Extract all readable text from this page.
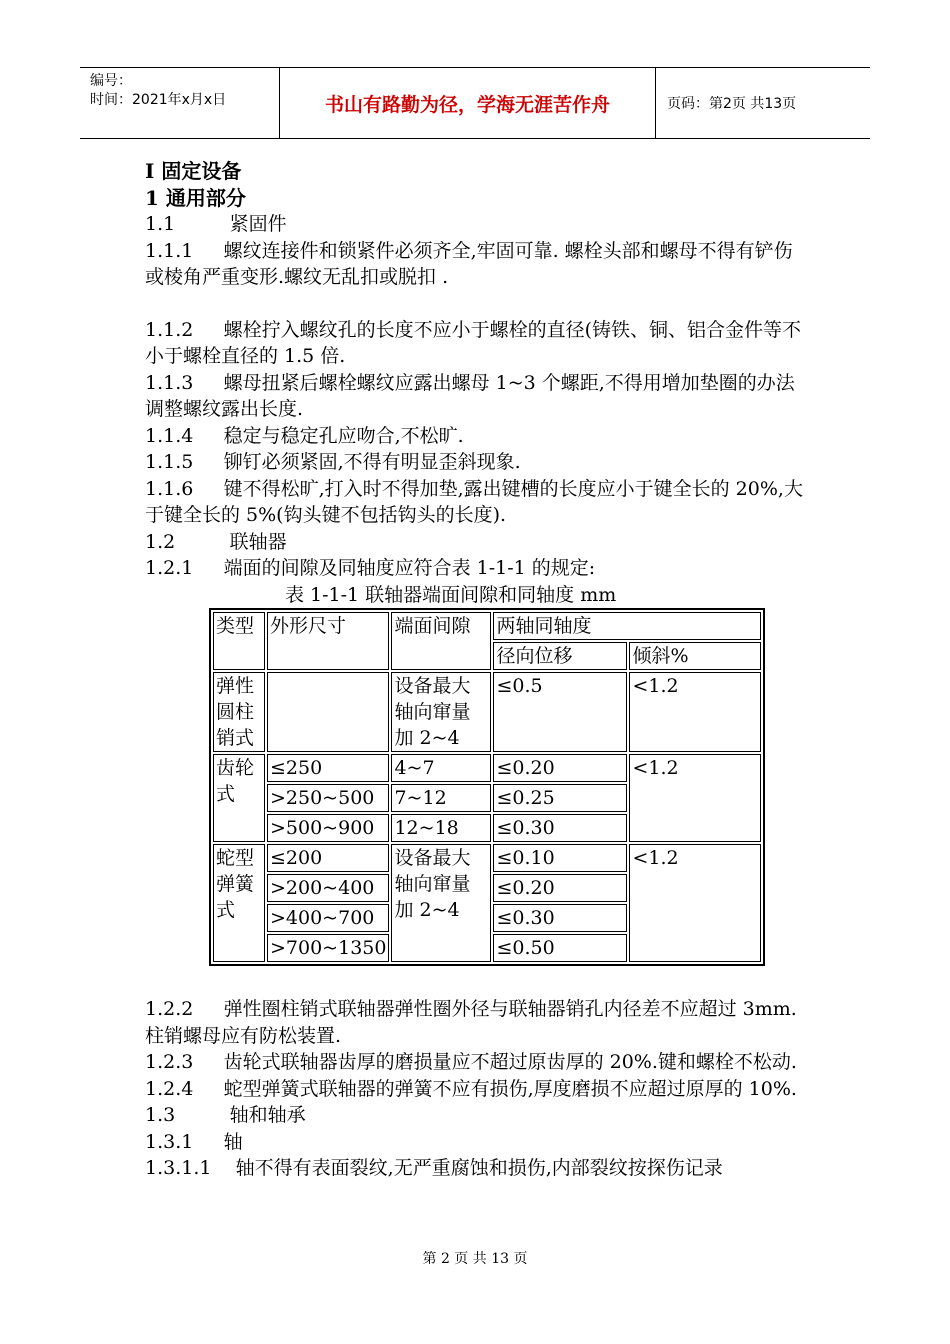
编号：
时间：2021年x月x日	书山有路勤为径，学海无涯苦作舟	页码：第2页 共13页

Ⅰ 固定设备

1 通用部分

1.1	紧固件

1.1.1 螺纹连接件和锁紧件必须齐全,牢固可靠. 螺栓头部和螺母不得有铲伤或棱角严重变形.螺纹无乱扣或脱扣 .

1.1.2 螺栓拧入螺纹孔的长度不应小于螺栓的直径(铸铁、铜、铝合金件等不小于螺栓直径的 1.5 倍.

1.1.3 螺母扭紧后螺栓螺纹应露出螺母 1~3 个螺距,不得用增加垫圈的办法调整螺纹露出长度.

1.1.4 稳定与稳定孔应吻合,不松旷.

1.1.5 铆钉必须紧固,不得有明显歪斜现象.

1.1.6 键不得松旷,打入时不得加垫,露出键槽的长度应小于键全长的 20%,大于键全长的 5%(钩头键不包括钩头的长度).

1.2	联轴器

1.2.1 端面的间隙及同轴度应符合表 1-1-1 的规定:

表 1-1-1 联轴器端面间隙和同轴度 mm

类型	外形尺寸	端面间隙	两轴同轴度	
			径向位移	倾斜%
弹性圆柱销式		设备最大轴向窜量加 2~4	≤0.5	<1.2
齿轮式	≤250	4~7	≤0.20	<1.2
	>250~500	7~12	≤0.25	
	>500~900	12~18	≤0.30	
蛇型弹簧式	≤200	设备最大轴向窜量加 2~4	≤0.10	<1.2
	>200~400		≤0.20	
	>400~700		≤0.30	
	>700~1350		≤0.50	

1.2.2 弹性圈柱销式联轴器弹性圈外径与联轴器销孔内径差不应超过 3mm.柱销螺母应有防松装置.

1.2.3 齿轮式联轴器齿厚的磨损量应不超过原齿厚的 20%.键和螺栓不松动.

1.2.4 蛇型弹簧式联轴器的弹簧不应有损伤,厚度磨损不应超过原厚的 10%.

1.3	轴和轴承

1.3.1 轴

1.3.1.1 轴不得有表面裂纹,无严重腐蚀和损伤,内部裂纹按探伤记录

第 2 页 共 13 页
